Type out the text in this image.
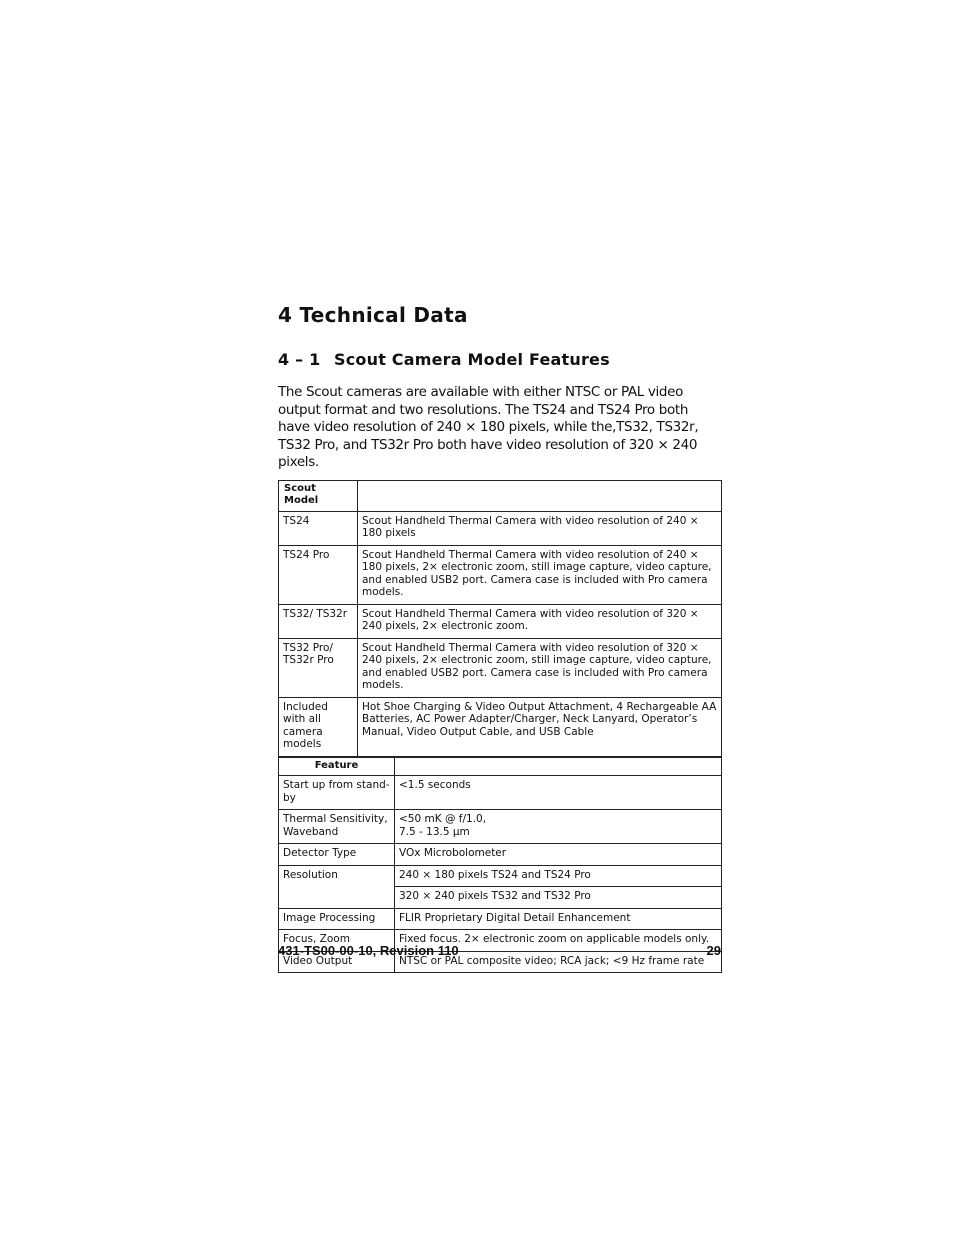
4 Technical Data
4 – 1 Scout Camera Model Features

The Scout cameras are available with either NTSC or PAL video output format and two resolutions. The TS24 and TS24 Pro both have video resolution of 240 × 180 pixels, while the,TS32, TS32r, TS32 Pro, and TS32r Pro both have video resolution of 320 × 240 pixels.

Scout Model	
TS24	Scout Handheld Thermal Camera with video resolution of 240 × 180 pixels
TS24 Pro	Scout Handheld Thermal Camera with video resolution of 240 × 180 pixels, 2× electronic zoom, still image capture, video capture, and enabled USB2 port. Camera case is included with Pro camera models.
TS32/ TS32r	Scout Handheld Thermal Camera with video resolution of 320 × 240 pixels, 2× electronic zoom.
TS32 Pro/ TS32r Pro	Scout Handheld Thermal Camera with video resolution of 320 × 240 pixels, 2× electronic zoom, still image capture, video capture, and enabled USB2 port. Camera case is included with Pro camera models.
Included with all camera models	Hot Shoe Charging & Video Output Attachment, 4 Rechargeable AA Batteries, AC Power Adapter/Charger, Neck Lanyard, Operator’s Manual, Video Output Cable, and USB Cable
Feature	
Start up from stand-by	<1.5 seconds
Thermal Sensitivity, Waveband	<50 mK @ f/1.0,
7.5 - 13.5 μm

Detector Type	VOx Microbolometer
Resolution	240 × 180 pixels TS24 and TS24 Pro
	320 × 240 pixels TS32 and TS32 Pro
Image Processing	FLIR Proprietary Digital Detail Enhancement
Focus, Zoom	Fixed focus. 2× electronic zoom on applicable models only.
Video Output	NTSC or PAL composite video; RCA jack; <9 Hz frame rate
431-TS00-00-10, Revision 110	29
